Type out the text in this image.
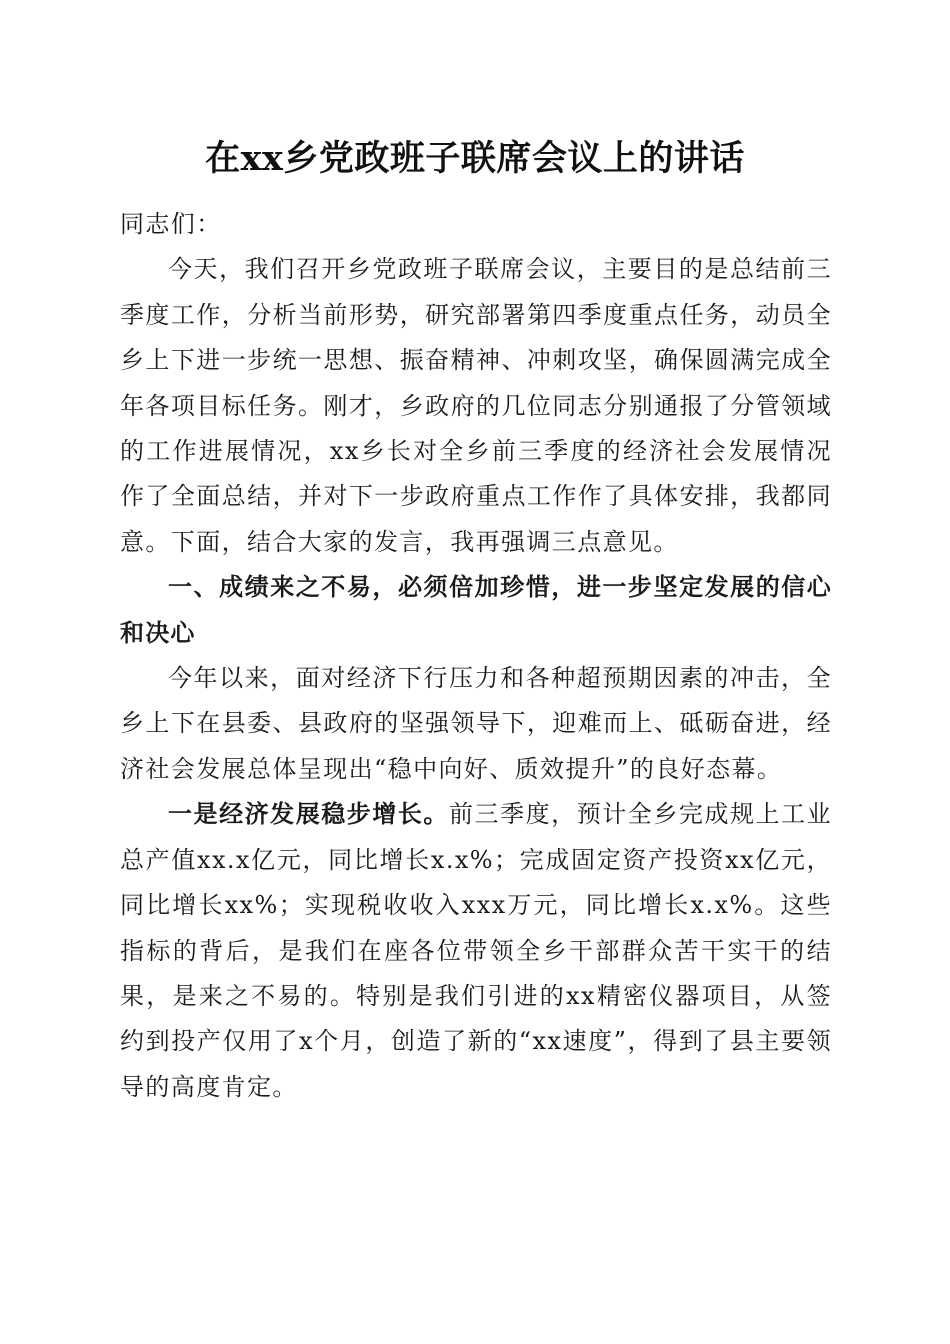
在xx乡党政班子联席会议上的讲话

同志们：

今天，我们召开乡党政班子联席会议，主要目的是总结前三季度工作，分析当前形势，研究部署第四季度重点任务，动员全乡上下进一步统一思想、振奋精神、冲刺攻坚，确保圆满完成全年各项目标任务。刚才，乡政府的几位同志分别通报了分管领域的工作进展情况，xx乡长对全乡前三季度的经济社会发展情况作了全面总结，并对下一步政府重点工作作了具体安排，我都同意。下面，结合大家的发言，我再强调三点意见。

一、成绩来之不易，必须倍加珍惜，进一步坚定发展的信心和决心

今年以来，面对经济下行压力和各种超预期因素的冲击，全乡上下在县委、县政府的坚强领导下，迎难而上、砥砺奋进，经济社会发展总体呈现出“稳中向好、质效提升”的良好态幕。

一是经济发展稳步增长。前三季度，预计全乡完成规上工业总产值xx.x亿元，同比增长x.x%；完成固定资产投资xx亿元，同比增长xx%；实现税收收入xxx万元，同比增长x.x%。这些指标的背后，是我们在座各位带领全乡干部群众苦干实干的结果，是来之不易的。特别是我们引进的xx精密仪器项目，从签约到投产仅用了x个月，创造了新的“xx速度”，得到了县主要领导的高度肯定。
